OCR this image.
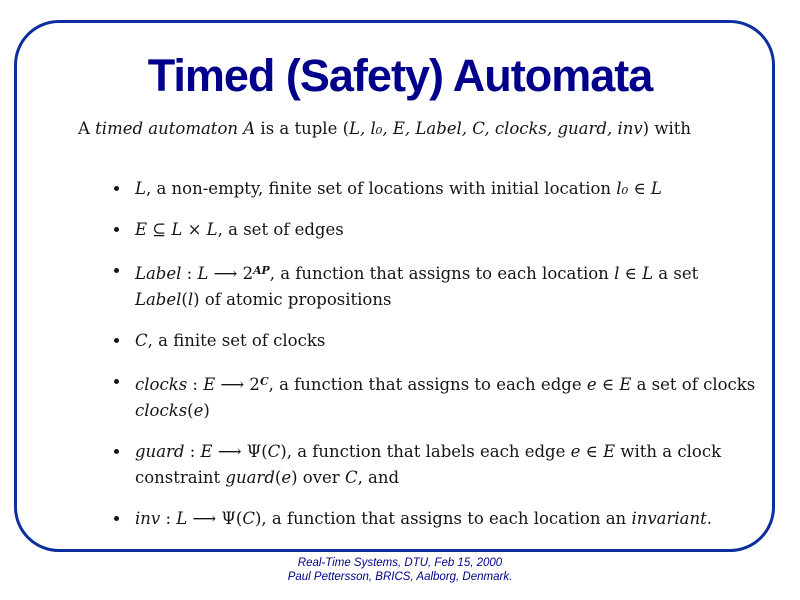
Timed (Safety) Automata
A timed automaton A is a tuple (L, l₀, E, Label, C, clocks, guard, inv) with
L, a non-empty, finite set of locations with initial location l₀ ∈ L
E ⊆ L × L, a set of edges
Label : L ⟶ $2^{AP}$, a function that assigns to each location l ∈ L a set
Label(l) of atomic propositions
C, a finite set of clocks
clocks : E ⟶ $2^C$, a function that assigns to each edge e ∈ E a set of clocks
clocks(e)
guard : E ⟶ Ψ(C), a function that labels each edge e ∈ E with a clock
constraint guard(e) over C, and
inv : L ⟶ Ψ(C), a function that assigns to each location an invariant.
Real-Time Systems, DTU, Feb 15, 2000
Paul Pettersson, BRICS, Aalborg, Denmark.
